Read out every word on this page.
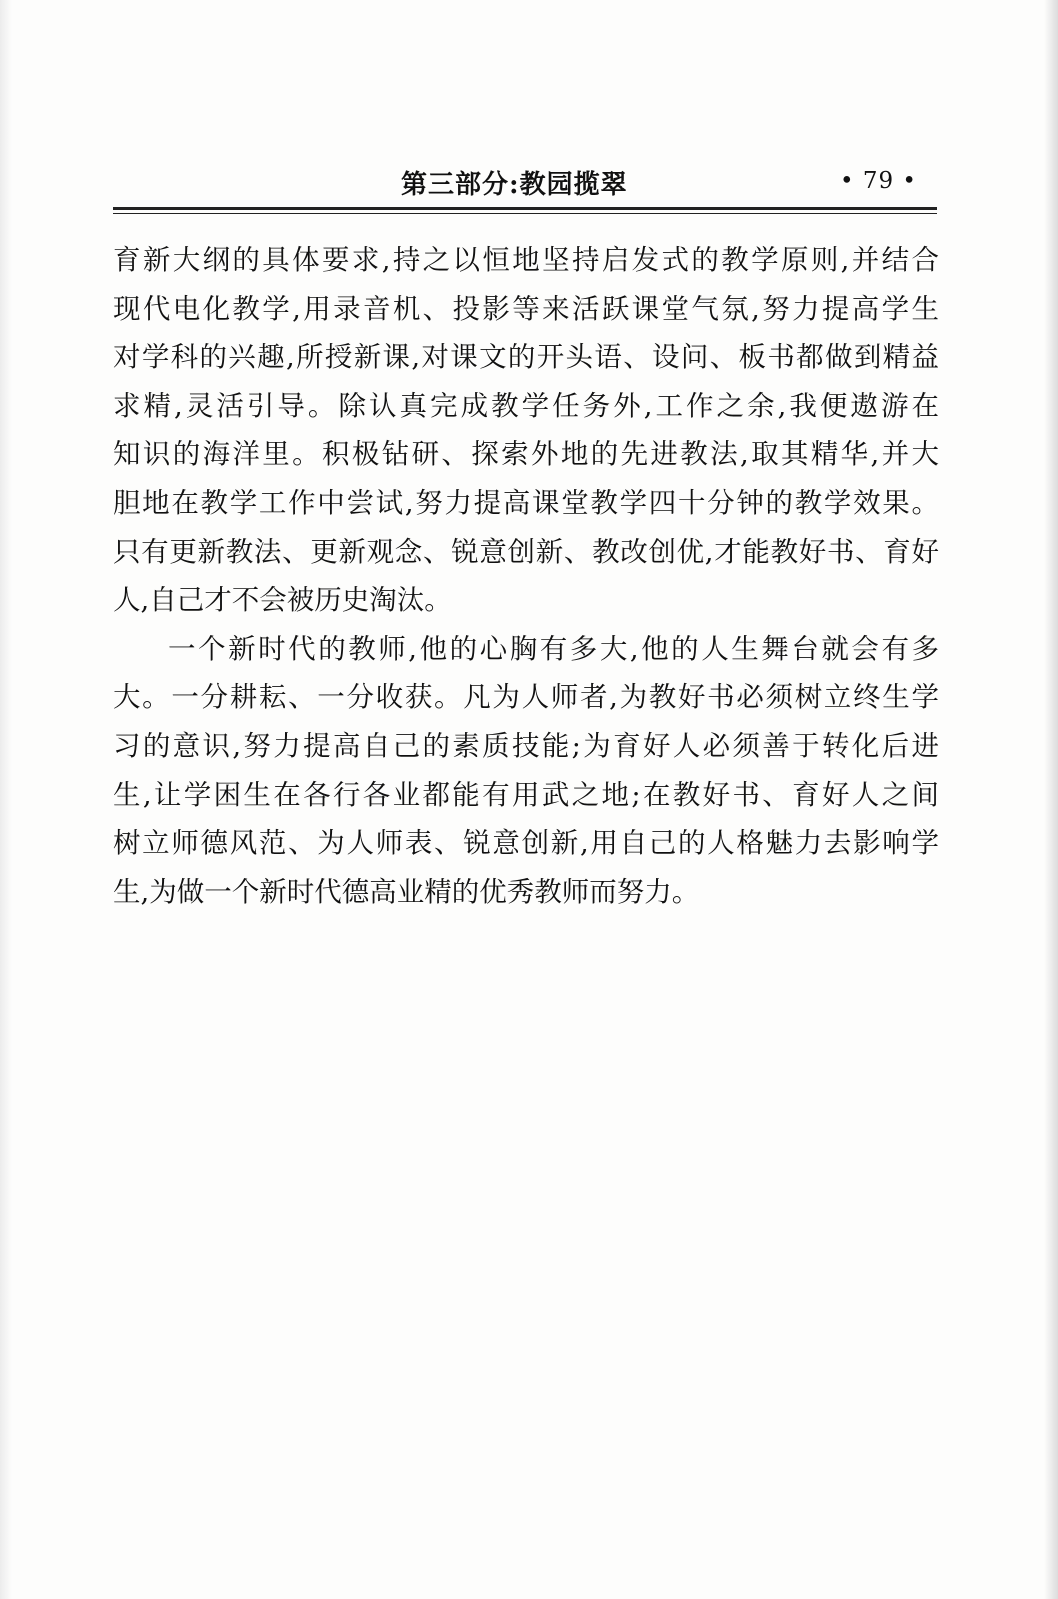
第三部分:教园揽翠	• 79 •
育新大纲的具体要求,持之以恒地坚持启发式的教学原则,并结合
现代电化教学,用录音机、投影等来活跃课堂气氛,努力提高学生
对学科的兴趣,所授新课,对课文的开头语、设问、板书都做到精益
求精,灵活引导。除认真完成教学任务外,工作之余,我便遨游在
知识的海洋里。积极钻研、探索外地的先进教法,取其精华,并大
胆地在教学工作中尝试,努力提高课堂教学四十分钟的教学效果。
只有更新教法、更新观念、锐意创新、教改创优,才能教好书、育好
人,自己才不会被历史淘汰。
一个新时代的教师,他的心胸有多大,他的人生舞台就会有多
大。一分耕耘、一分收获。凡为人师者,为教好书必须树立终生学
习的意识,努力提高自己的素质技能;为育好人必须善于转化后进
生,让学困生在各行各业都能有用武之地;在教好书、育好人之间
树立师德风范、为人师表、锐意创新,用自己的人格魅力去影响学
生,为做一个新时代德高业精的优秀教师而努力。
